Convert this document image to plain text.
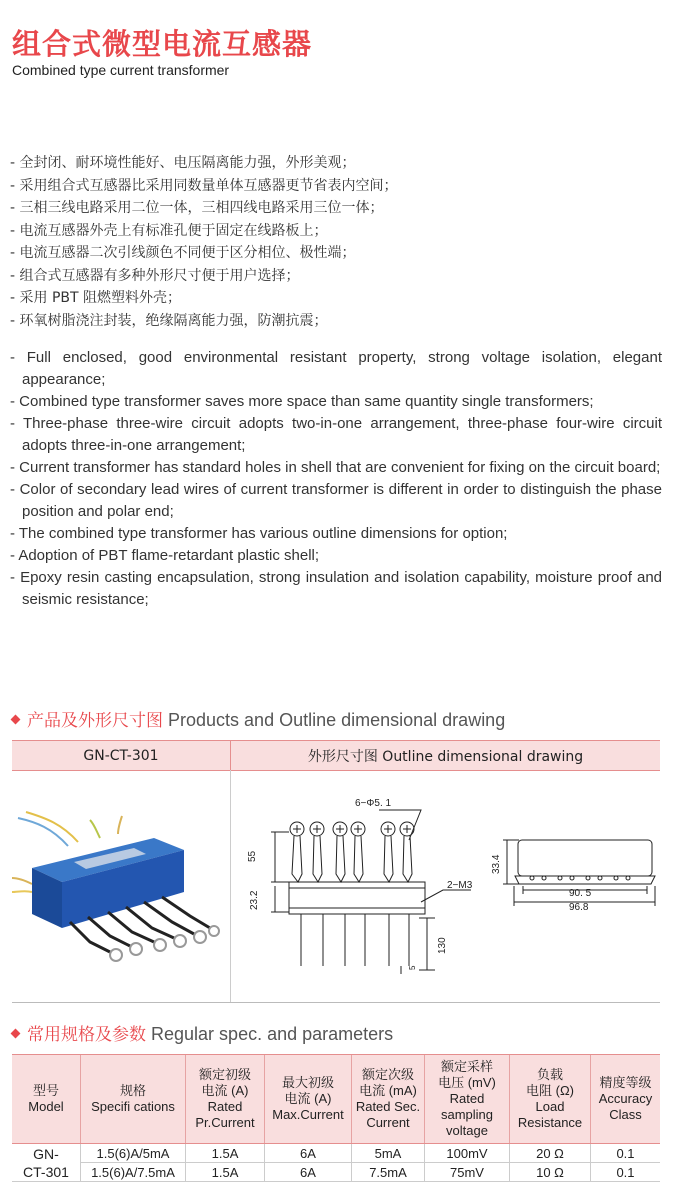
组合式微型电流互感器
Combined type current transformer
- 全封闭、耐环境性能好、电压隔离能力强，外形美观；
- 采用组合式互感器比采用同数量单体互感器更节省表内空间；
- 三相三线电路采用二位一体，三相四线电路采用三位一体；
- 电流互感器外壳上有标准孔便于固定在线路板上；
- 电流互感器二次引线颜色不同便于区分相位、极性端；
- 组合式互感器有多种外形尺寸便于用户选择；
- 采用 PBT 阻燃塑料外壳；
- 环氧树脂浇注封装，绝缘隔离能力强，防潮抗震；
- Full enclosed, good environmental resistant property, strong voltage isolation, elegant appearance;
- Combined type transformer saves more space than same quantity single transformers;
- Three-phase three-wire circuit adopts two-in-one arrangement, three-phase four-wire circuit adopts three-in-one arrangement;
- Current transformer has standard holes in shell that are convenient for fixing on the circuit board;
- Color of secondary lead wires of current transformer is different in order to distinguish the phase position and polar end;
- The combined type transformer has various outline dimensions for option;
- Adoption of PBT flame-retardant plastic shell;
- Epoxy resin casting encapsulation, strong insulation and isolation capability, moisture proof and seismic resistance;
产品及外形尺寸图 Products and Outline dimensional drawing
GN-CT-301	外形尺寸图 Outline dimensional drawing
6−Φ5. 1
55
23.2
2−M3
130
5
33.4
90. 5
96.8
常用规格及参数 Regular spec. and parameters
型号
Model	规格
Specifi cations	额定初级
电流 (A)
Rated
Pr.Current	最大初级
电流 (A)
Max.Current	额定次级
电流 (mA)
Rated Sec.
Current	额定采样
电压 (mV)
Rated
sampling
voltage	负载
电阻 (Ω)
Load
Resistance	精度等级
Accuracy
Class
GN-
CT-301	1.5(6)A/5mA	1.5A	6A	5mA	100mV	20 Ω	0.1
	1.5(6)A/7.5mA	1.5A	6A	7.5mA	75mV	10 Ω	0.1
